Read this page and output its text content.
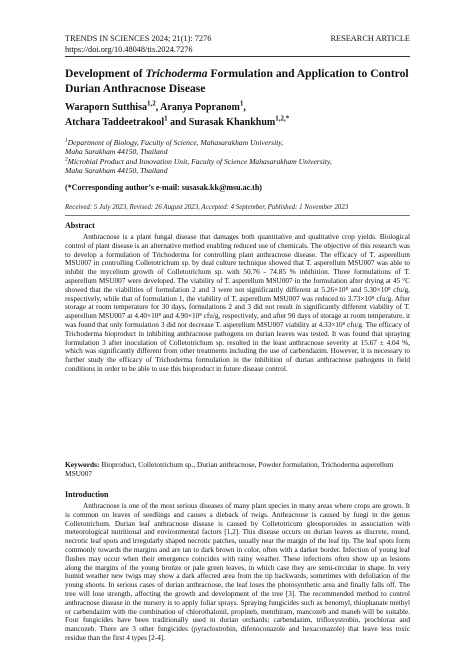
TRENDS IN SCIENCES 2024; 21(1): 7276	RESEARCH ARTICLE
https://doi.org/10.48048/tis.2024.7276
Development of Trichoderma Formulation and Application to Control Durian Anthracnose Disease
Waraporn Sutthisa$^{1,2}$, Aranya Popranom$^1$,
Atchara Taddeetrakool$^1$ and Surasak Khankhum$^{1,2,*}$

$^1$Department of Biology, Faculty of Science, Mahasarakham University,

Maha Sarakham 44150, Thailand

$^2$Microbial Product and Innovation Unit, Faculty of Science Mahasarakham University,

Maha Sarakham 44150, Thailand

(*Corresponding author’s e-mail: susasak.kk@msu.ac.th)
Received: 5 July 2023, Revised: 26 August 2023, Accepted: 4 September, Published: 1 November 2023
Abstract

Anthracnose is a plant fungal disease that damages both quantitative and qualitative crop yields. Biological control of plant disease is an alternative method enabling reduced use of chemicals. The objective of this research was to develop a formulation of Trichoderma for controlling plant anthracnose disease. The efficacy of T. asperellum MSU007 in controlling Colletotrichum sp. by dual culture technique showed that T. asperellum MSU007 was able to inhibit the mycelium growth of Colletotrichum sp. with 50.76 - 74.85 % inhibition. Three formulations of T. asperellum MSU007 were developed. The viability of T. asperellum MSU007 in the formulation after drying at 45 °C showed that the viabilities of formulation 2 and 3 were not significantly different at 5.26×10⁸ and 5.30×10⁸ cfu/g, respectively, while that of formulation 1, the viability of T. asperellum MSU007 was reduced to 3.73×10⁸ cfu/g. After storage at room temperature for 30 days, formulations 2 and 3 did not result in significantly different viability of T. asperellum MSU007 at 4.40×10⁸ and 4.90×10⁸ cfu/g, respectively, and after 90 days of storage at room temperature, it was found that only formulation 3 did not decrease T. asperellum MSU007 viability at 4.33×10⁸ cfu/g. The efficacy of Trichoderma bioproduct in inhibiting anthracnose pathogens on durian leaves was tested. It was found that spraying formulation 3 after inoculation of Colletotrichum sp. resulted in the least anthracnose severity at 15.67 ± 4.04 %, which was significantly different from other treatments including the use of carbendazim. However, it is necessary to further study the efficacy of Trichoderma formulation in the inhibition of durian anthracnose pathogens in field conditions in order to be able to use this bioproduct in future disease control.

Keywords: Bioproduct, Colletotrichum sp., Durian anthracnose, Powder formulation, Trichoderma asperellum MSU007
Introduction

Anthracnose is one of the most serious diseases of many plant species in many areas where crops are grown. It is common on leaves of seedlings and causes a dieback of twigs. Anthracnose is caused by fungi in the genus Colletotrichum. Durian leaf anthracnose disease is caused by Colletotricum gleosporoides in association with meteorological nutritional and environmental factors [1,2]. This disease occurs on durian leaves as discrete, round, necrotic leaf spots and irregularly shaped necrotic patches, usually near the margin of the leaf tip. The leaf spots form commonly towards the margins and are tan to dark brown in color, often with a darker border. Infection of young leaf flushes may occur when their emergence coincides with rainy weather. These infections often show up as lesions along the margins of the young bronze or pale green leaves, in which case they are semi-circular in shape. In very humid weather new twigs may show a dark affected area from the tip backwards, sometimes with defoliation of the young shoots. In serious cases of durian anthracnose, the leaf loses the photosynthetic area and finally falls off. The tree will lose strength, affecting the growth and development of the tree [3]. The recommended method to control anthracnose disease in the nursery is to apply foliar sprays. Spraying fungicides such as benomyl, thiophanate methyl or carbendazim with the combination of chlorothalonil, propineb, menthiram, mancozeb and maneb will be suitable. Four fungicides have been traditionally used in durian orchards; carbendazim, trifloxystrobin, prochloraz and mancozeb. There are 3 other fungicides (pyraclostrobin, difenoconazole and hexaconazole) that leave less toxic residue than the first 4 types [2-4].
